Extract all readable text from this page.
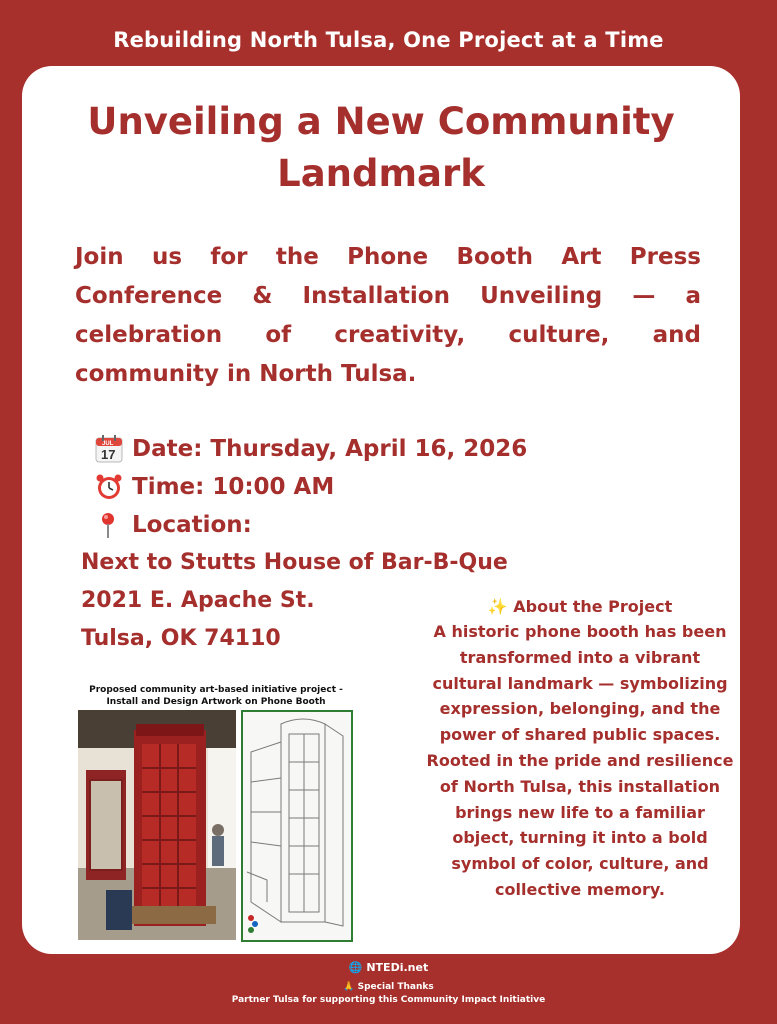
Rebuilding North Tulsa, One Project at a Time
Unveiling a New Community
Landmark
Join us for the Phone Booth Art Press Conference & Installation Unveiling — a celebration of creativity, culture, and community in North Tulsa.
JUL
17 Date: Thursday, April 16, 2026
Time: 10:00 AM
Location:
Next to Stutts House of Bar-B-Que
2021 E. Apache St.
Tulsa, OK 74110
✨ About the Project
A historic phone booth has been transformed into a vibrant cultural landmark — symbolizing expression, belonging, and the power of shared public spaces. Rooted in the pride and resilience of North Tulsa, this installation brings new life to a familiar object, turning it into a bold symbol of color, culture, and collective memory.
Proposed community art-based initiative project -
Install and Design Artwork on Phone Booth
🌐 NTEDi.net
🙏 Special Thanks
Partner Tulsa for supporting this Community Impact Initiative
